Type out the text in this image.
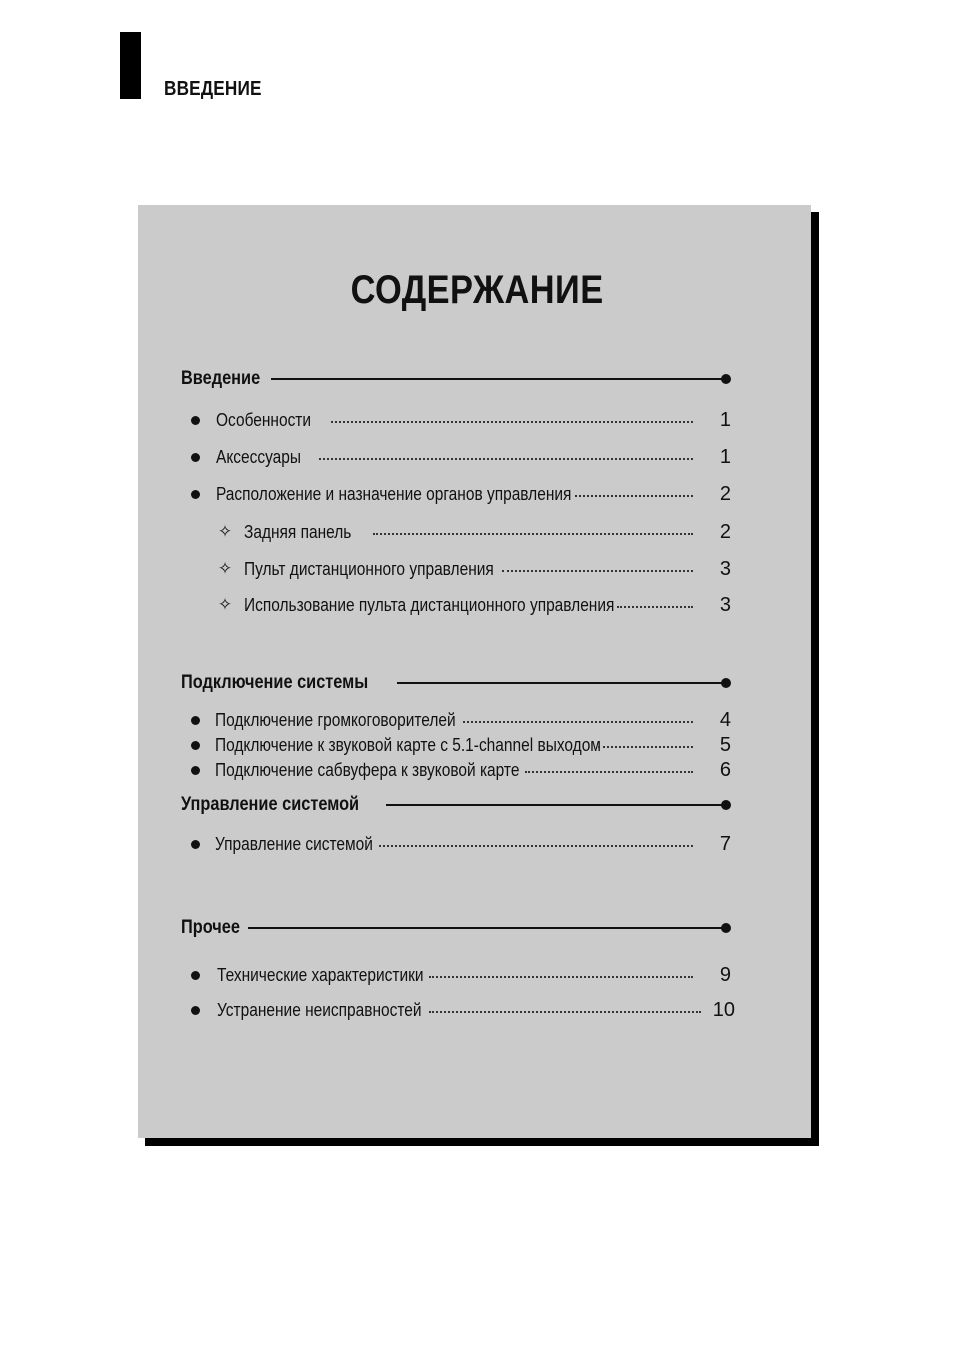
ВВЕДЕНИЕ
СОДЕРЖАНИЕ
Введение
Особенности	1
Аксессуары	1
Расположение и назначение органов управления	2
✧ Задняя панель	2
✧ Пульт дистанционного управления	3
✧ Использование пульта дистанционного управления	3
Подключение системы
Подключение громкоговорителей	4
Подключение к звуковой карте с 5.1-channel выходом	5
Подключение сабвуфера к звуковой карте	6
Управление системой
Управление системой	7
Прочее
Технические характеристики	9
Устранение неисправностей	10
